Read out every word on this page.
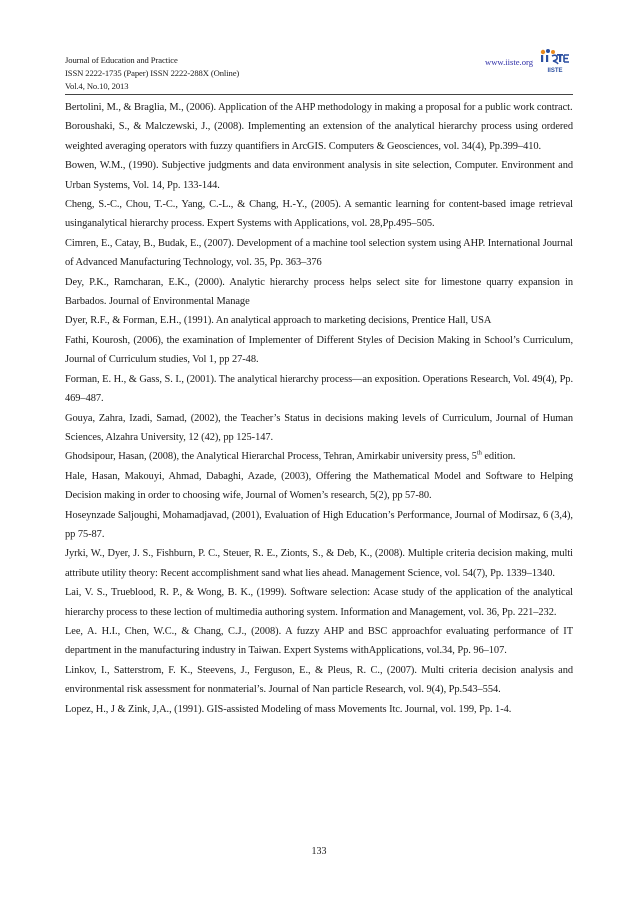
Journal of Education and Practice
ISSN 2222-1735 (Paper) ISSN 2222-288X (Online)
Vol.4, No.10, 2013
www.iiste.org
IISTE

Bertolini, M., & Braglia, M., (2006). Application of the AHP methodology in making a proposal for a public work contract.

Boroushaki, S., & Malczewski, J., (2008). Implementing an extension of the analytical hierarchy process using ordered weighted averaging operators with fuzzy quantifiers in ArcGIS. Computers & Geosciences, vol. 34(4), Pp.399–410.

Bowen, W.M., (1990). Subjective judgments and data environment analysis in site selection, Computer. Environment and Urban Systems, Vol. 14, Pp. 133-144.

Cheng, S.-C., Chou, T.-C., Yang, C.-L., & Chang, H.-Y., (2005). A semantic learning for content-based image retrieval usinganalytical hierarchy process. Expert Systems with Applications, vol. 28,Pp.495–505.

Cimren, E., Catay, B., Budak, E., (2007). Development of a machine tool selection system using AHP. International Journal of Advanced Manufacturing Technology, vol. 35, Pp. 363–376

Dey, P.K., Ramcharan, E.K., (2000). Analytic hierarchy process helps select site for limestone quarry expansion in Barbados. Journal of Environmental Manage

Dyer, R.F., & Forman, E.H., (1991). An analytical approach to marketing decisions, Prentice Hall, USA

Fathi, Kourosh, (2006), the examination of Implementer of Different Styles of Decision Making in School’s Curriculum, Journal of Curriculum studies, Vol 1, pp 27-48.

Forman, E. H., & Gass, S. I., (2001). The analytical hierarchy process—an exposition. Operations Research, Vol. 49(4), Pp. 469–487.

Gouya, Zahra, Izadi, Samad, (2002), the Teacher’s Status in decisions making levels of Curriculum, Journal of Human Sciences, Alzahra University, 12 (42), pp 125-147.

Ghodsipour, Hasan, (2008), the Analytical Hierarchal Process, Tehran, Amirkabir university press, 5th edition.

Hale, Hasan, Makouyi, Ahmad, Dabaghi, Azade, (2003), Offering the Mathematical Model and Software to Helping Decision making in order to choosing wife, Journal of Women’s research, 5(2), pp 57-80.

Hoseynzade Saljoughi, Mohamadjavad, (2001), Evaluation of High Education’s Performance, Journal of Modirsaz, 6 (3,4), pp 75-87.

Jyrki, W., Dyer, J. S., Fishburn, P. C., Steuer, R. E., Zionts, S., & Deb, K., (2008). Multiple criteria decision making, multi attribute utility theory: Recent accomplishment sand what lies ahead. Management Science, vol. 54(7), Pp. 1339–1340.

Lai, V. S., Trueblood, R. P., & Wong, B. K., (1999). Software selection: Acase study of the application of the analytical hierarchy process to these lection of multimedia authoring system. Information and Management, vol. 36, Pp. 221–232.

Lee, A. H.I., Chen, W.C., & Chang, C.J., (2008). A fuzzy AHP and BSC approachfor evaluating performance of IT department in the manufacturing industry in Taiwan. Expert Systems withApplications, vol.34, Pp. 96–107.

Linkov, I., Satterstrom, F. K., Steevens, J., Ferguson, E., & Pleus, R. C., (2007). Multi criteria decision analysis and environmental risk assessment for nonmaterial’s. Journal of Nan particle Research, vol. 9(4), Pp.543–554.

Lopez, H., J & Zink, J,A., (1991). GIS-assisted Modeling of mass Movements Itc. Journal, vol. 199, Pp. 1-4.

133
